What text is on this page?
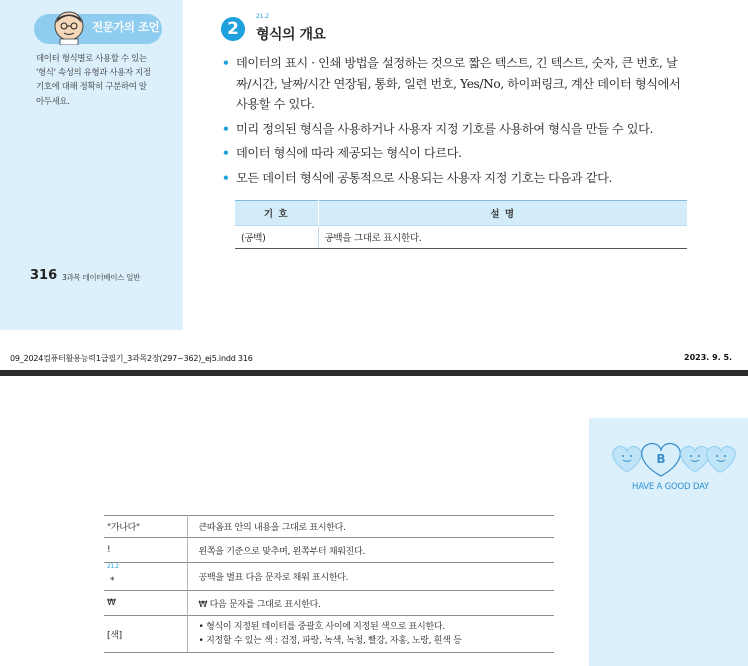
전문가의 조언
데이터 형식별로 사용할 수 있는
'형식' 속성의 유형과 사용자 지정
기호에 대해 정확히 구분하여 알
아두세요.
316 3과목 데이터베이스 일반
2
21.2
형식의 개요
• 데이터의 표시 · 인쇄 방법을 설정하는 것으로 짧은 텍스트, 긴 텍스트, 숫자, 큰 번호, 날짜/시간, 날짜/시간 연장됨, 통화, 일련 번호, Yes/No, 하이퍼링크, 계산 데이터 형식에서 사용할 수 있다.
• 미리 정의된 형식을 사용하거나 사용자 지정 기호를 사용하여 형식을 만들 수 있다.
• 데이터 형식에 따라 제공되는 형식이 다르다.
• 모든 데이터 형식에 공통적으로 사용되는 사용자 지정 기호는 다음과 같다.
기 호	설 명
(공백)	공백을 그대로 표시한다.
09_2024컴퓨터활용능력1급필기_3과목2장(297~362)_ej5.indd 316	2023. 9. 5.
B
HAVE A GOOD DAY
"가나다"	큰따옴표 안의 내용을 그대로 표시한다.
!	왼쪽을 기준으로 맞추며, 왼쪽부터 채워진다.

21.2
*	공백을 별표 다음 문자로 채워 표시한다.
₩	₩ 다음 문자를 그대로 표시한다.
[색]	• 형식이 지정된 데이터를 중괄호 사이에 지정된 색으로 표시한다.
• 지정할 수 있는 색 : 검정, 파랑, 녹색, 녹청, 빨강, 자홍, 노랑, 흰색 등
